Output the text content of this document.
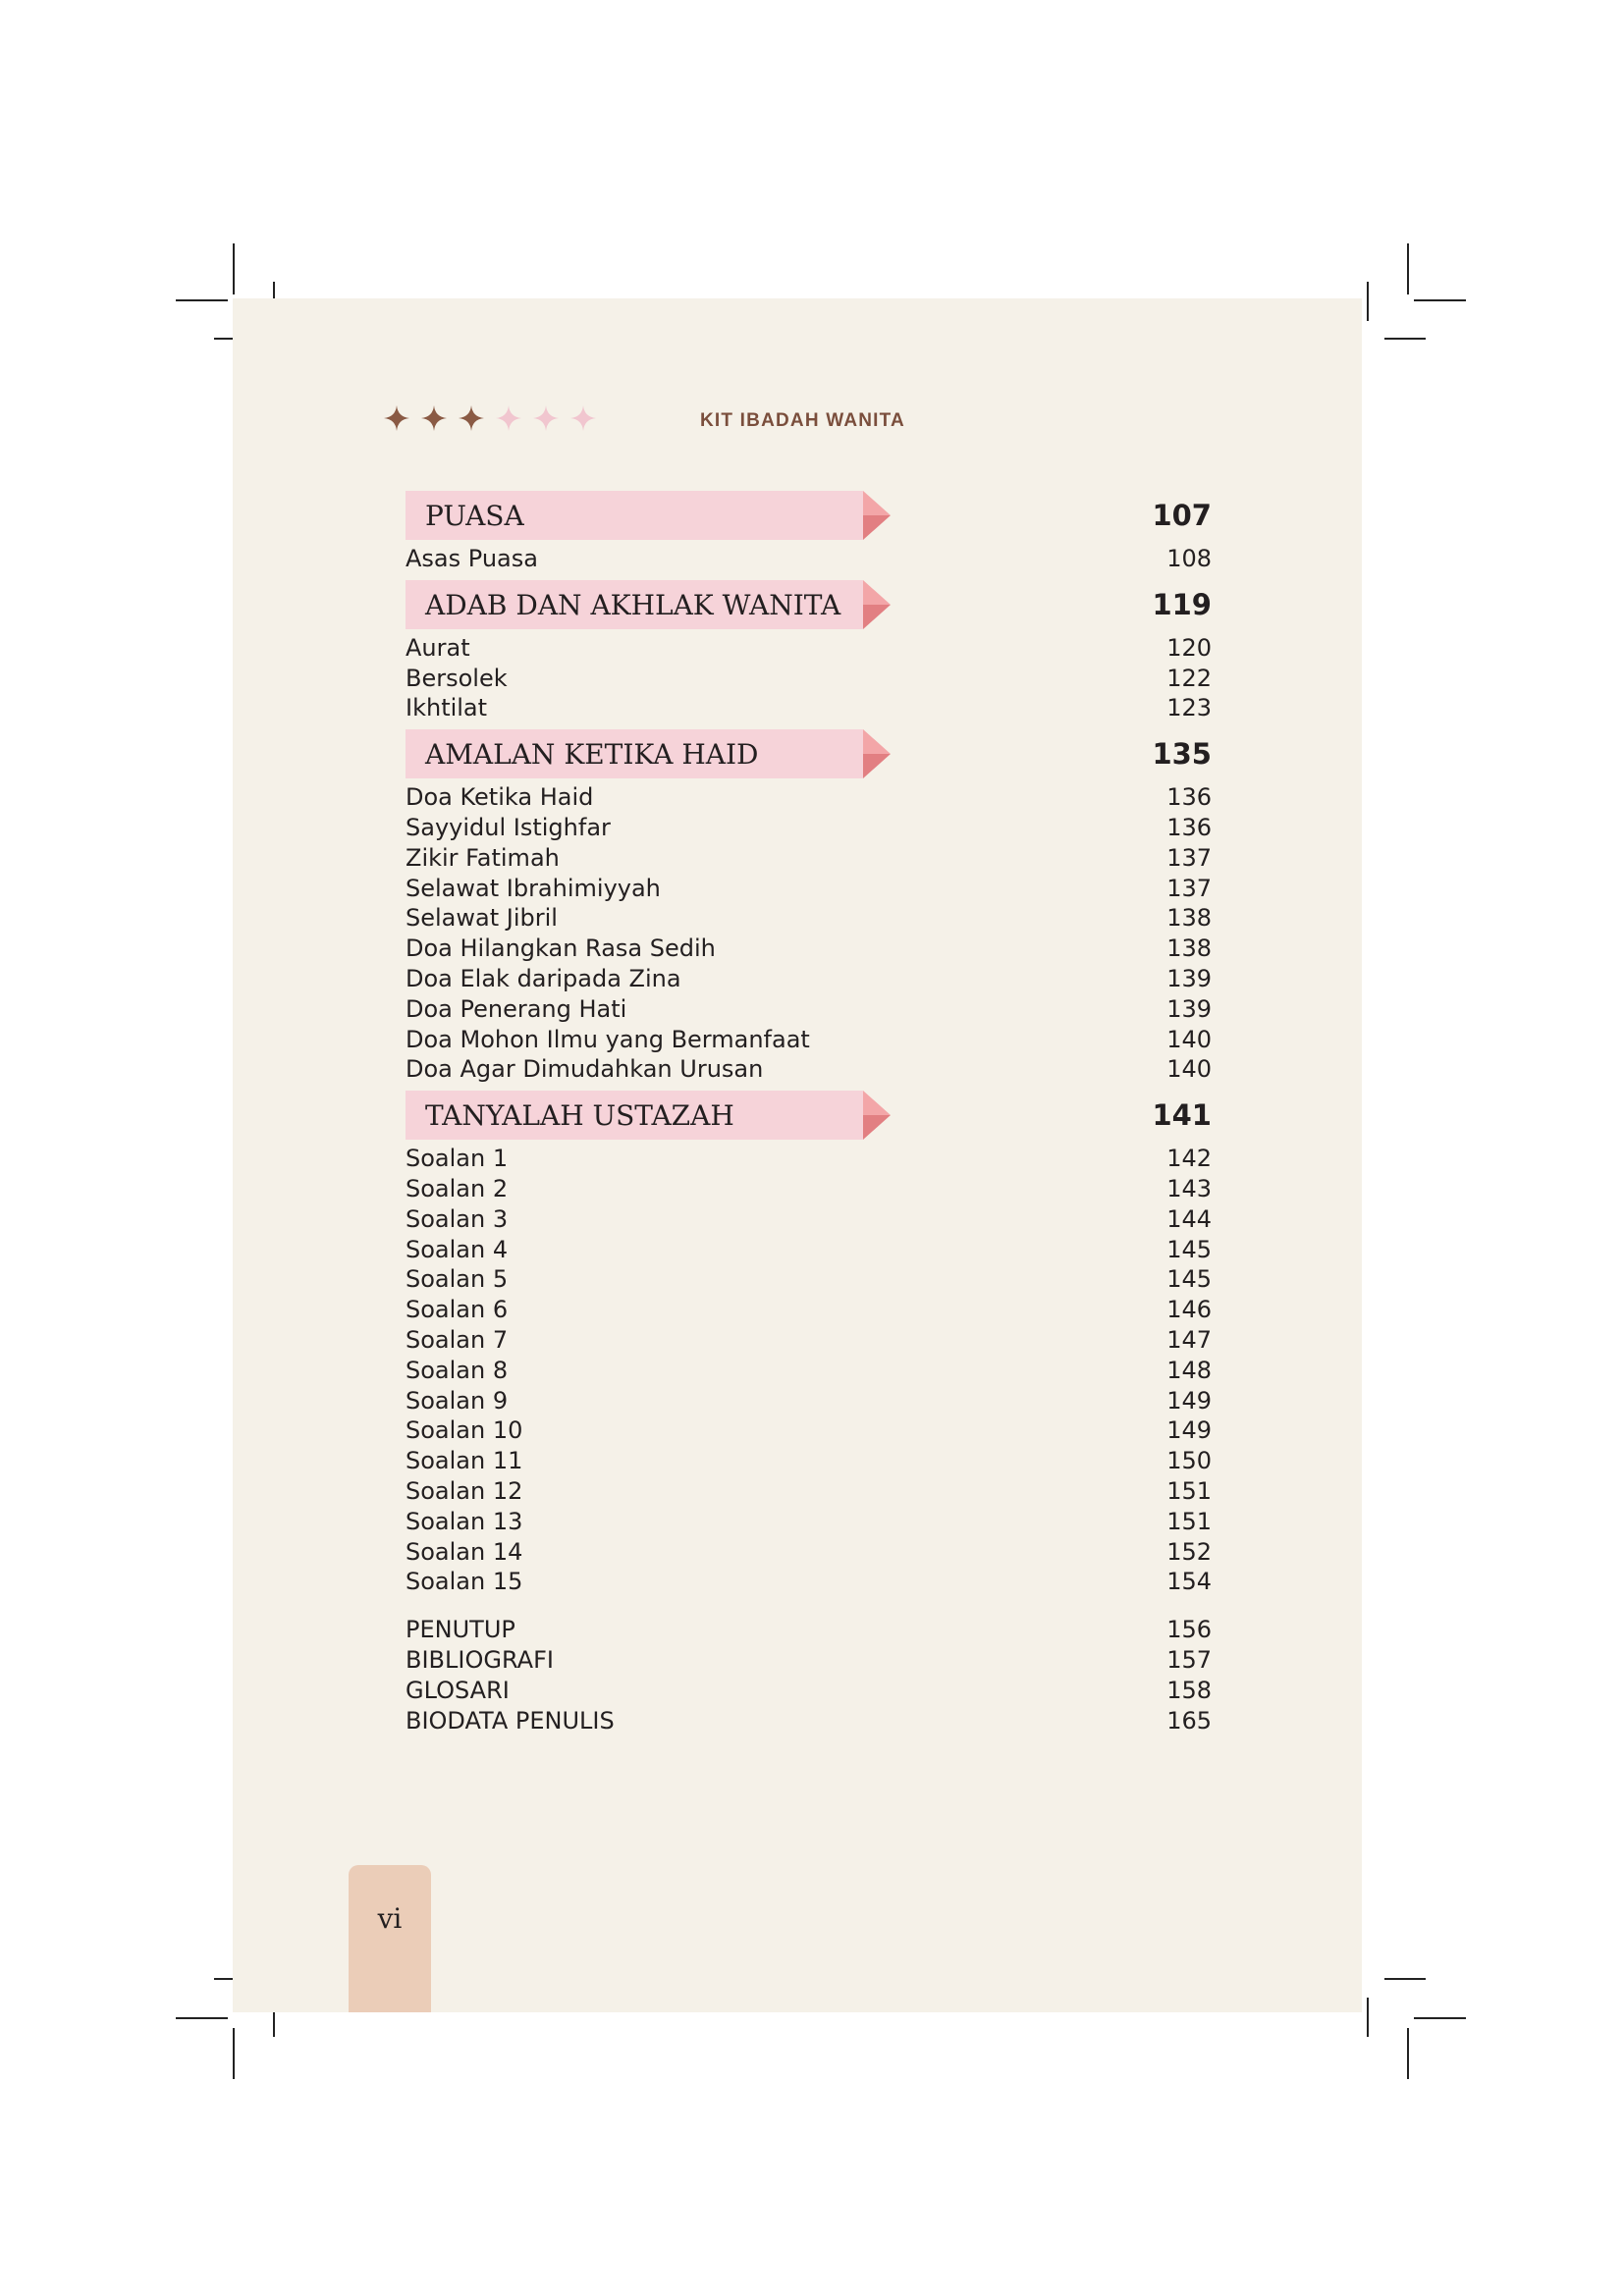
KIT IBADAH WANITA
PUASA	107
Asas Puasa	108
ADAB DAN AKHLAK WANITA	119
Aurat	120
Bersolek	122
Ikhtilat	123
AMALAN KETIKA HAID	135
Doa Ketika Haid	136
Sayyidul Istighfar	136
Zikir Fatimah	137
Selawat Ibrahimiyyah	137
Selawat Jibril	138
Doa Hilangkan Rasa Sedih	138
Doa Elak daripada Zina	139
Doa Penerang Hati	139
Doa Mohon Ilmu yang Bermanfaat	140
Doa Agar Dimudahkan Urusan	140
TANYALAH USTAZAH	141
Soalan 1	142
Soalan 2	143
Soalan 3	144
Soalan 4	145
Soalan 5	145
Soalan 6	146
Soalan 7	147
Soalan 8	148
Soalan 9	149
Soalan 10	149
Soalan 11	150
Soalan 12	151
Soalan 13	151
Soalan 14	152
Soalan 15	154
PENUTUP	156
BIBLIOGRAFI	157
GLOSARI	158
BIODATA PENULIS	165
vi
